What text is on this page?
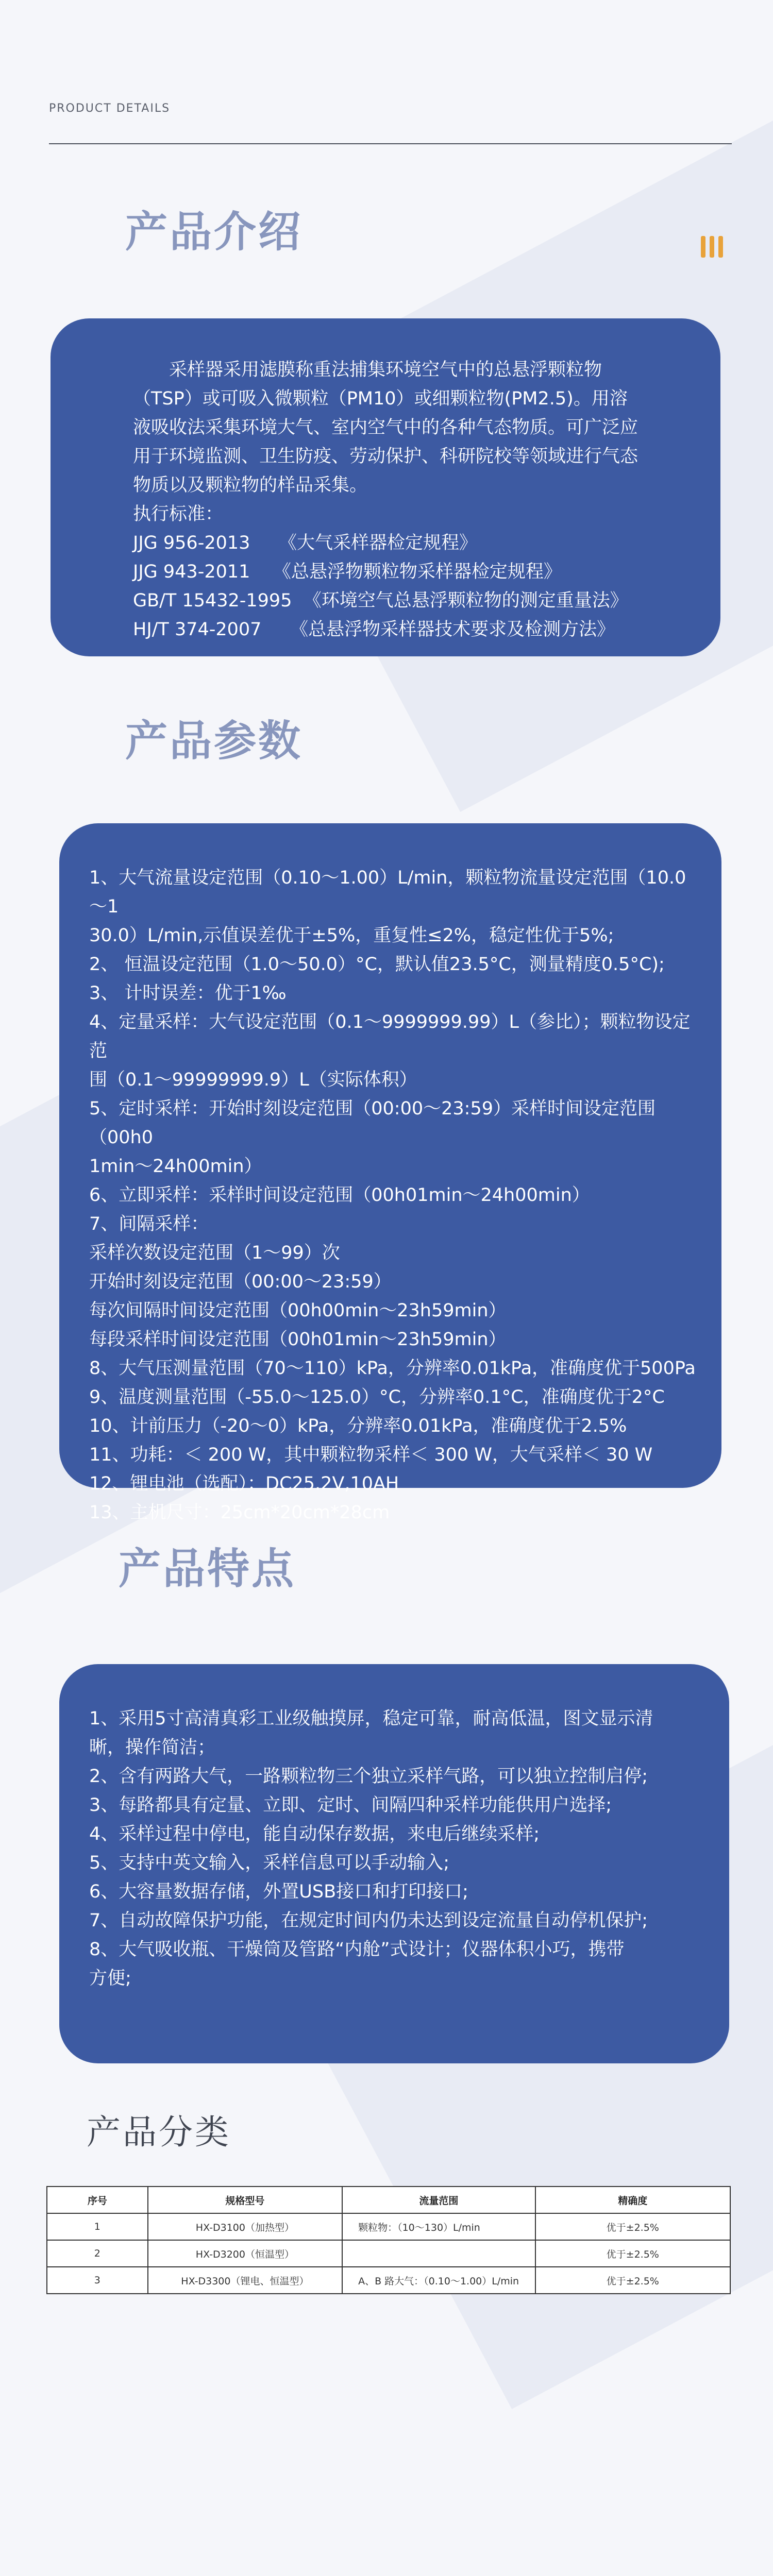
PRODUCT DETAILS
产品介绍

采样器采用滤膜称重法捕集环境空气中的总悬浮颗粒物（TSP）或可吸入微颗粒（PM10）或细颗粒物(PM2.5)。用溶液吸收法采集环境大气、室内空气中的各种气态物质。可广泛应用于环境监测、卫生防疫、劳动保护、科研院校等领域进行气态物质以及颗粒物的样品采集。

执行标准：

JJG 956-2013     《大气采样器检定规程》

JJG 943-2011    《总悬浮物颗粒物采样器检定规程》

GB/T 15432-1995  《环境空气总悬浮颗粒物的测定重量法》

HJ/T 374-2007     《总悬浮物采样器技术要求及检测方法》

产品参数

1、大气流量设定范围（0.10～1.00）L/min，颗粒物流量设定范围（10.0～1

30.0）L/min,示值误差优于±5%，重复性≤2%，稳定性优于5%;

2、 恒温设定范围（1.0～50.0）°C，默认值23.5°C，测量精度0.5°C);

3、 计时误差：优于1‰

4、定量采样：大气设定范围（0.1～9999999.99）L（参比）；颗粒物设定范

围（0.1～99999999.9）L（实际体积）

5、定时采样：开始时刻设定范围（00:00～23:59）采样时间设定范围（00h0

1min～24h00min）

6、立即采样：采样时间设定范围（00h01min～24h00min）

7、间隔采样：

采样次数设定范围（1～99）次

开始时刻设定范围（00:00～23:59）

每次间隔时间设定范围（00h00min～23h59min）

每段采样时间设定范围（00h01min～23h59min）

8、大气压测量范围（70～110）kPa，分辨率0.01kPa，准确度优于500Pa

9、温度测量范围（-55.0～125.0）°C，分辨率0.1°C，准确度优于2°C

10、计前压力（-20～0）kPa，分辨率0.01kPa，准确度优于2.5%

11、功耗：＜ 200 W，其中颗粒物采样＜ 300 W，大气采样＜ 30 W

12、锂电池（选配）：DC25.2V,10AH

13、主机尺寸：25cm*20cm*28cm

产品特点

1、采用5寸高清真彩工业级触摸屏，稳定可靠，耐高低温，图文显示清

晰，操作简洁；

2、含有两路大气，一路颗粒物三个独立采样气路，可以独立控制启停;

3、每路都具有定量、立即、定时、间隔四种采样功能供用户选择;

4、采样过程中停电，能自动保存数据，来电后继续采样;

5、支持中英文输入，采样信息可以手动输入;

6、大容量数据存储，外置USB接口和打印接口;

7、自动故障保护功能，在规定时间内仍未达到设定流量自动停机保护;

8、大气吸收瓶、干燥筒及管路“内舱”式设计；仪器体积小巧，携带

方便;

产品分类
序号	规格型号	流量范围	精确度
1	HX-D3100（加热型）	颗粒物：（10～130）L/min	优于±2.5%
2	HX-D3200（恒温型）		优于±2.5%
3	HX-D3300（锂电、恒温型）	A、B 路大气：（0.10～1.00）L/min	优于±2.5%
